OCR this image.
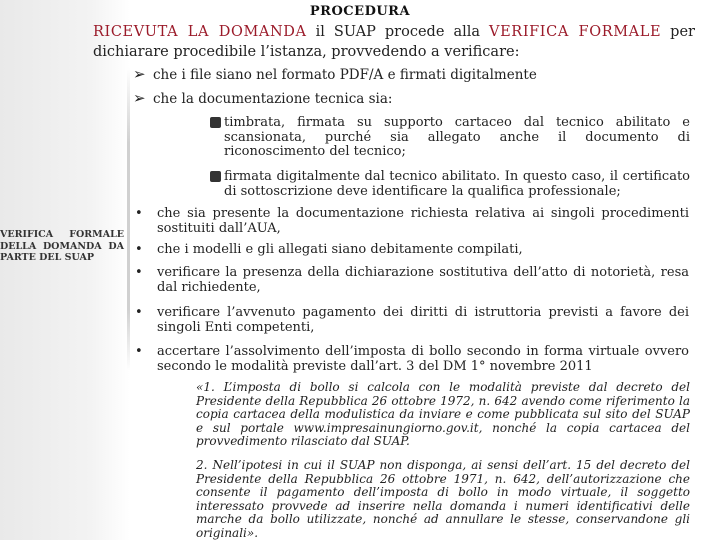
PROCEDURA
RICEVUTA LA DOMANDA il SUAP procede alla VERIFICA FORMALE per dichiarare procedibile l’istanza, provvedendo a verificare:
VERIFICA FORMALE DELLA DOMANDA DA PARTE DEL SUAP
➢ che i file siano nel formato PDF/A e firmati digitalmente
➢ che la documentazione tecnica sia:
timbrata, firmata su supporto cartaceo dal tecnico abilitato e scansionata, purché sia allegato anche il documento di riconoscimento del tecnico;
firmata digitalmente dal tecnico abilitato. In questo caso, il certificato di sottoscrizione deve identificare la qualifica professionale;
• che sia presente la documentazione richiesta relativa ai singoli procedimenti sostituiti dall’AUA,
• che i modelli e gli allegati siano debitamente compilati,
• verificare la presenza della dichiarazione sostitutiva dell’atto di notorietà, resa dal richiedente,
• verificare l’avvenuto pagamento dei diritti di istruttoria previsti a favore dei singoli Enti competenti,
• accertare l’assolvimento dell’imposta di bollo secondo in forma virtuale ovvero secondo le modalità previste dall’art. 3 del DM 1° novembre 2011
«1. L’imposta di bollo si calcola con le modalità previste dal decreto del Presidente della Repubblica 26 ottobre 1972, n. 642 avendo come riferimento la copia cartacea della modulistica da inviare e come pubblicata sul sito del SUAP e sul portale www.impresainungiorno.gov.it, nonché la copia cartacea del provvedimento rilasciato dal SUAP.
2. Nell’ipotesi in cui il SUAP non disponga, ai sensi dell’art. 15 del decreto del Presidente della Repubblica 26 ottobre 1971, n. 642, dell’autorizzazione che consente il pagamento dell’imposta di bollo in modo virtuale, il soggetto interessato provvede ad inserire nella domanda i numeri identificativi delle marche da bollo utilizzate, nonché ad annullare le stesse, conservandone gli originali».
